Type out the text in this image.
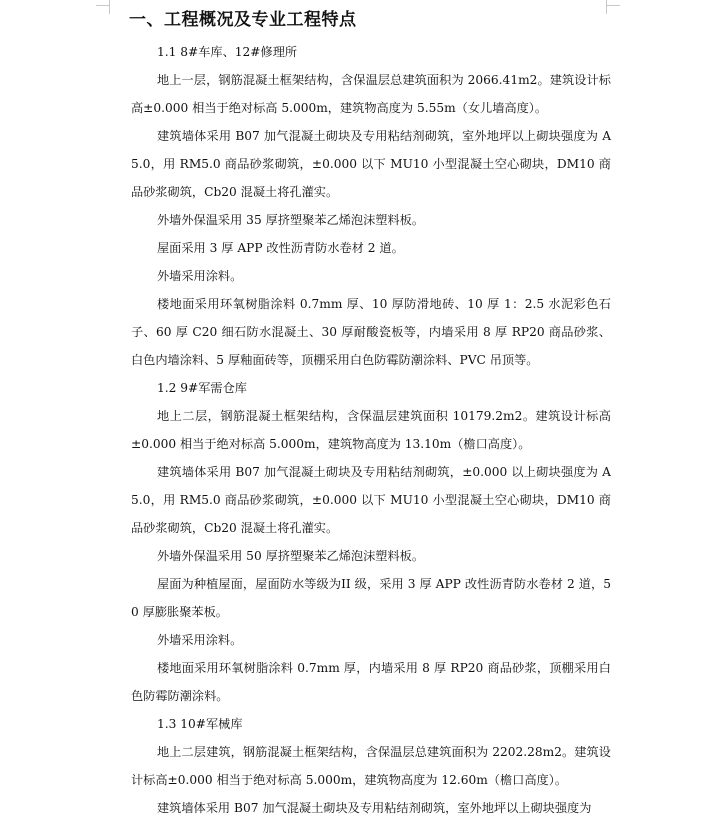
一、工程概况及专业工程特点
1.1 8#车库、12#修理所

地上一层，钢筋混凝土框架结构，含保温层总建筑面积为 2066.41m2。建筑设计标高±0.000 相当于绝对标高 5.000m，建筑物高度为 5.55m（女儿墙高度）。

建筑墙体采用 B07 加气混凝土砌块及专用粘结剂砌筑，室外地坪以上砌块强度为 A5.0，用 RM5.0 商品砂浆砌筑，±0.000 以下 MU10 小型混凝土空心砌块，DM10 商品砂浆砌筑，Cb20 混凝土将孔灌实。

外墙外保温采用 35 厚挤塑聚苯乙烯泡沫塑料板。

屋面采用 3 厚 APP 改性沥青防水卷材 2 道。

外墙采用涂料。

楼地面采用环氧树脂涂料 0.7mm 厚、10 厚防滑地砖、10 厚 1：2.5 水泥彩色石子、60 厚 C20 细石防水混凝土、30 厚耐酸瓷板等，内墙采用 8 厚 RP20 商品砂浆、白色内墙涂料、5 厚釉面砖等，顶棚采用白色防霉防潮涂料、PVC 吊顶等。

1.2 9#军需仓库

地上二层，钢筋混凝土框架结构，含保温层建筑面积 10179.2m2。建筑设计标高±0.000 相当于绝对标高 5.000m，建筑物高度为 13.10m（檐口高度）。

建筑墙体采用 B07 加气混凝土砌块及专用粘结剂砌筑，±0.000 以上砌块强度为 A5.0，用 RM5.0 商品砂浆砌筑，±0.000 以下 MU10 小型混凝土空心砌块，DM10 商品砂浆砌筑，Cb20 混凝土将孔灌实。

外墙外保温采用 50 厚挤塑聚苯乙烯泡沫塑料板。

屋面为种植屋面，屋面防水等级为II 级，采用 3 厚 APP 改性沥青防水卷材 2 道，50 厚膨胀聚苯板。

外墙采用涂料。

楼地面采用环氧树脂涂料 0.7mm 厚，内墙采用 8 厚 RP20 商品砂浆，顶棚采用白色防霉防潮涂料。

1.3 10#军械库

地上二层建筑，钢筋混凝土框架结构，含保温层总建筑面积为 2202.28m2。建筑设计标高±0.000 相当于绝对标高 5.000m，建筑物高度为 12.60m（檐口高度）。

建筑墙体采用 B07 加气混凝土砌块及专用粘结剂砌筑，室外地坪以上砌块强度为
